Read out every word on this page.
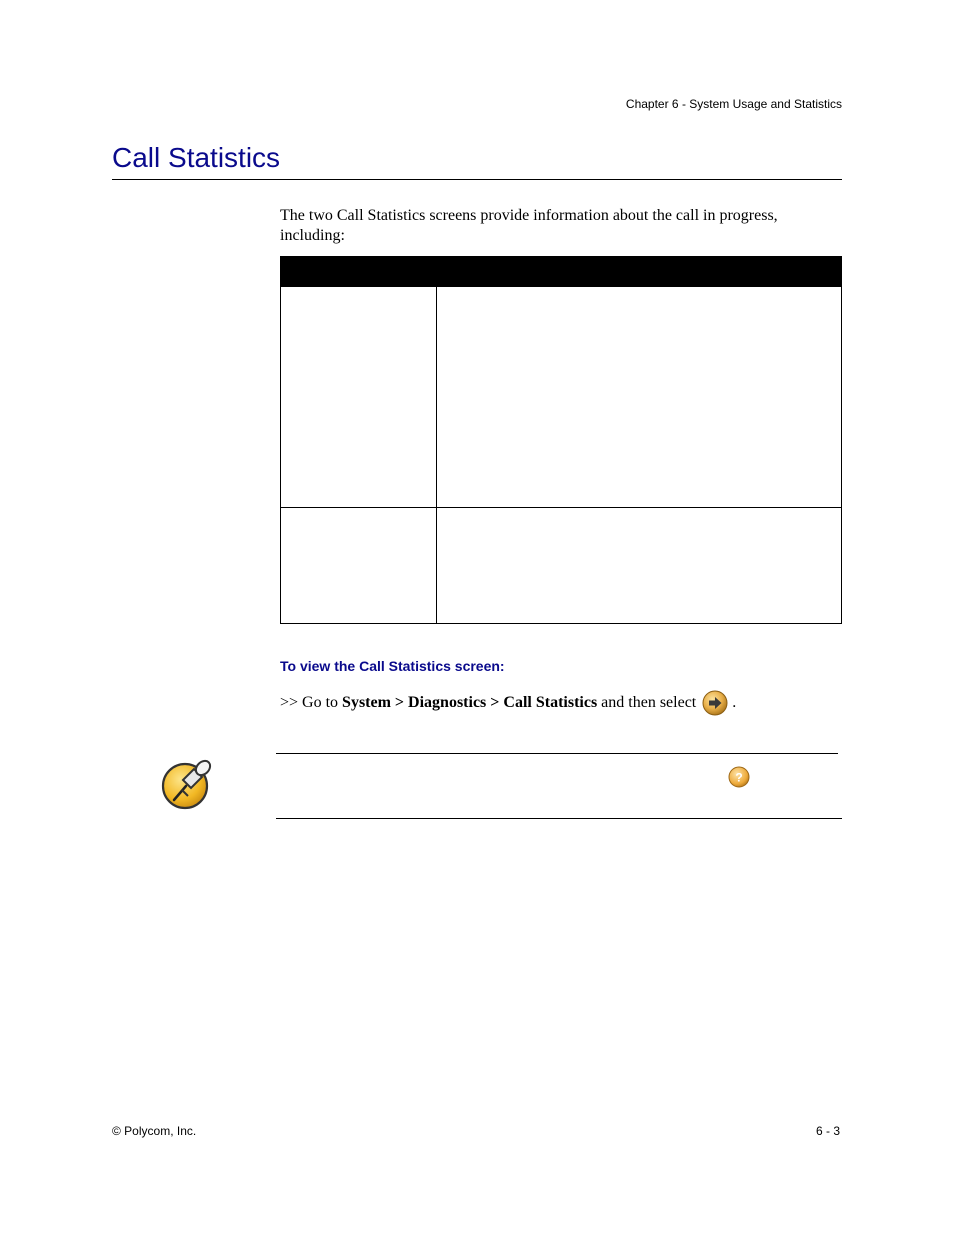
Chapter 6 - System Usage and Statistics
Call Statistics

The two Call Statistics screens provide information about the call in progress, including:

To view the Call Statistics screen:
>> Go to System > Diagnostics > Call Statistics and then select .
?
© Polycom, Inc.	6 - 3
